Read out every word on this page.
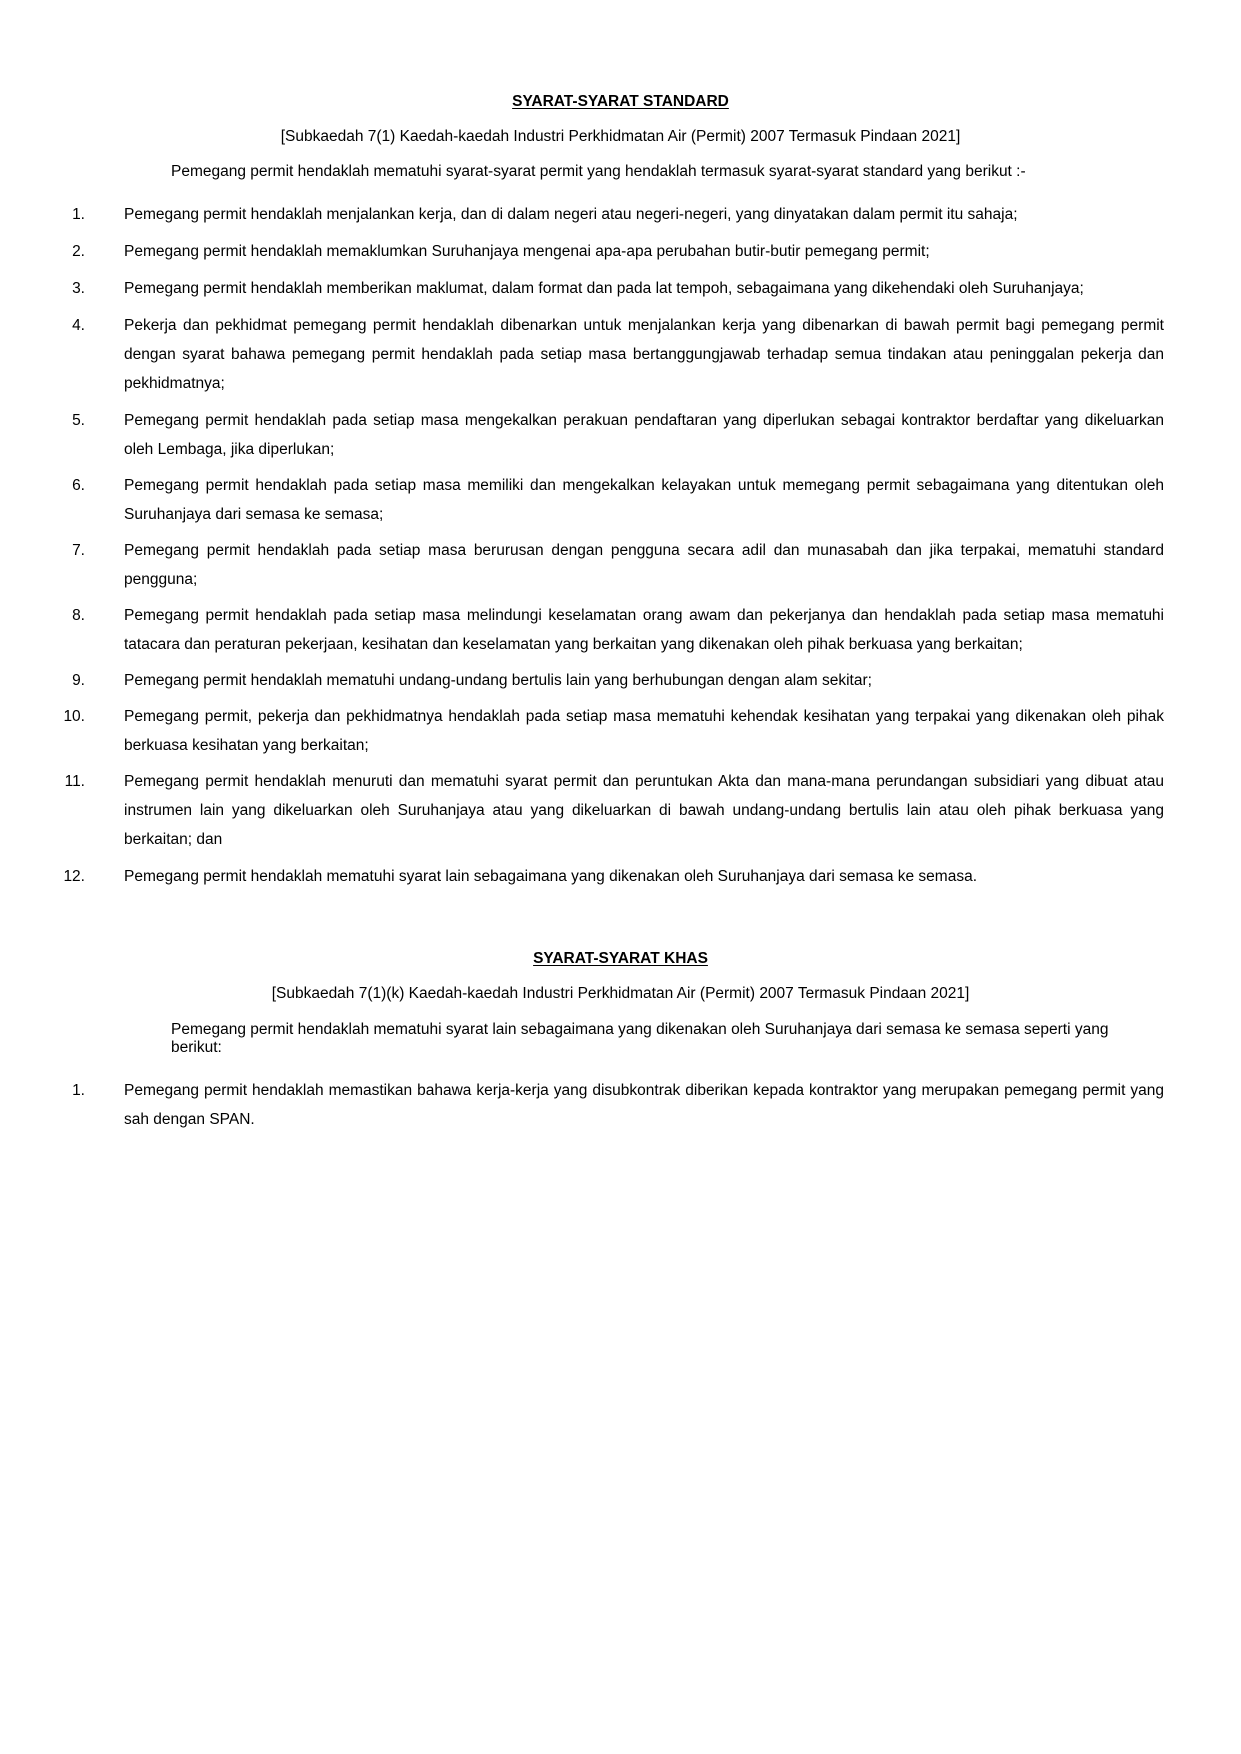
SYARAT-SYARAT STANDARD
[Subkaedah 7(1) Kaedah-kaedah Industri Perkhidmatan Air (Permit) 2007 Termasuk Pindaan 2021]
Pemegang permit hendaklah mematuhi syarat-syarat permit yang hendaklah termasuk syarat-syarat standard yang berikut :-
1.	Pemegang permit hendaklah menjalankan kerja, dan di dalam negeri atau negeri-negeri, yang dinyatakan dalam permit itu sahaja;
2.	Pemegang permit hendaklah memaklumkan Suruhanjaya mengenai apa-apa perubahan butir-butir pemegang permit;
3.	Pemegang permit hendaklah memberikan maklumat, dalam format dan pada lat tempoh, sebagaimana yang dikehendaki oleh Suruhanjaya;
4.	Pekerja dan pekhidmat pemegang permit hendaklah dibenarkan untuk menjalankan kerja yang dibenarkan di bawah permit bagi pemegang permit dengan syarat bahawa pemegang permit hendaklah pada setiap masa bertanggungjawab terhadap semua tindakan atau peninggalan pekerja dan pekhidmatnya;
5.	Pemegang permit hendaklah pada setiap masa mengekalkan perakuan pendaftaran yang diperlukan sebagai kontraktor berdaftar yang dikeluarkan oleh Lembaga, jika diperlukan;
6.	Pemegang permit hendaklah pada setiap masa memiliki dan mengekalkan kelayakan untuk memegang permit sebagaimana yang ditentukan oleh Suruhanjaya dari semasa ke semasa;
7.	Pemegang permit hendaklah pada setiap masa berurusan dengan pengguna secara adil dan munasabah dan jika terpakai, mematuhi standard pengguna;
8.	Pemegang permit hendaklah pada setiap masa melindungi keselamatan orang awam dan pekerjanya dan hendaklah pada setiap masa mematuhi tatacara dan peraturan pekerjaan, kesihatan dan keselamatan yang berkaitan yang dikenakan oleh pihak berkuasa yang berkaitan;
9.	Pemegang permit hendaklah mematuhi undang-undang bertulis lain yang berhubungan dengan alam sekitar;
10.	Pemegang permit, pekerja dan pekhidmatnya hendaklah pada setiap masa mematuhi kehendak kesihatan yang terpakai yang dikenakan oleh pihak berkuasa kesihatan yang berkaitan;
11.	Pemegang permit hendaklah menuruti dan mematuhi syarat permit dan peruntukan Akta dan mana-mana perundangan subsidiari yang dibuat atau instrumen lain yang dikeluarkan oleh Suruhanjaya atau yang dikeluarkan di bawah undang-undang bertulis lain atau oleh pihak berkuasa yang berkaitan; dan
12.	Pemegang permit hendaklah mematuhi syarat lain sebagaimana yang dikenakan oleh Suruhanjaya dari semasa ke semasa.
SYARAT-SYARAT KHAS
[Subkaedah 7(1)(k) Kaedah-kaedah Industri Perkhidmatan Air (Permit) 2007 Termasuk Pindaan 2021]
Pemegang permit hendaklah mematuhi syarat lain sebagaimana yang dikenakan oleh Suruhanjaya dari semasa ke semasa seperti yang berikut:
1.	Pemegang permit hendaklah memastikan bahawa kerja-kerja yang disubkontrak diberikan kepada kontraktor yang merupakan pemegang permit yang sah dengan SPAN.
